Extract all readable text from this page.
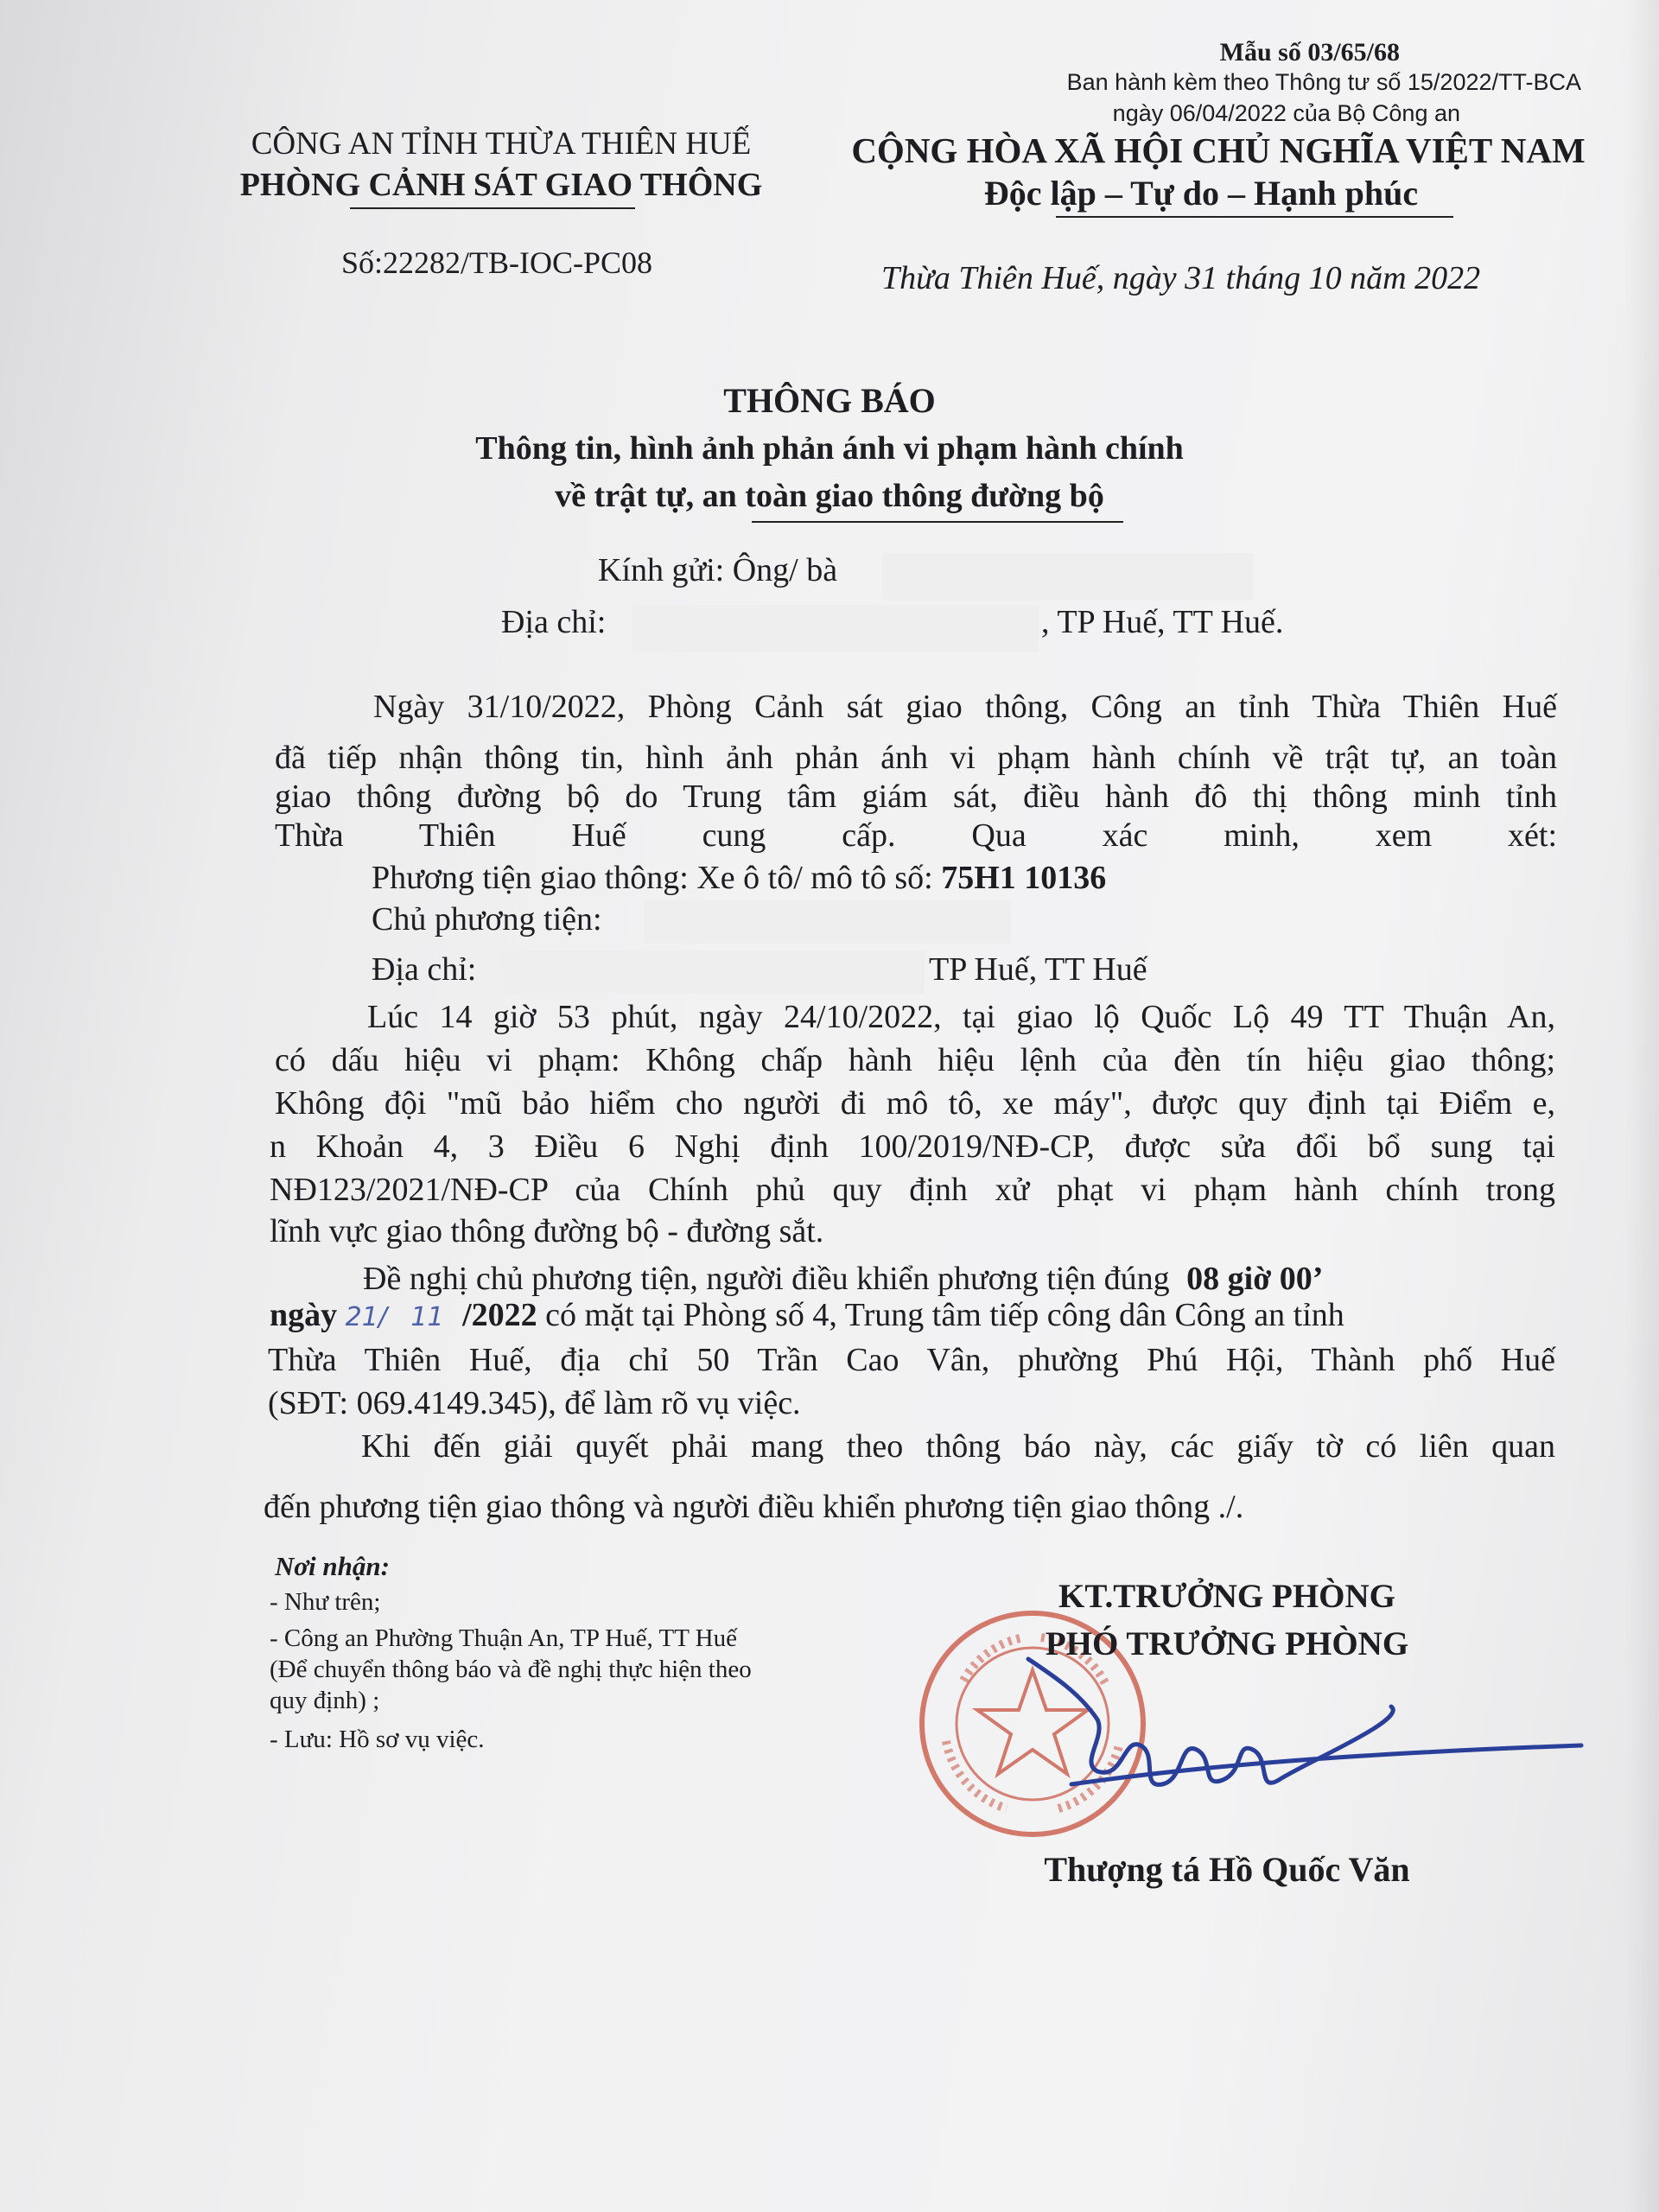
Mẫu số 03/65/68
Ban hành kèm theo Thông tư số 15/2022/TT-BCA
ngày 06/04/2022 của Bộ Công an
CÔNG AN TỈNH THỪA THIÊN HUẾ
PHÒNG CẢNH SÁT GIAO THÔNG
CỘNG HÒA XÃ HỘI CHỦ NGHĨA VIỆT NAM
Độc lập – Tự do – Hạnh phúc
Số:22282/TB-IOC-PC08	Thừa Thiên Huế, ngày 31 tháng 10 năm 2022
THÔNG BÁO
Thông tin, hình ảnh phản ánh vi phạm hành chính
về trật tự, an toàn giao thông đường bộ
Kính gửi: Ông/ bà
Địa chỉ:	, TP Huế, TT Huế.
Ngày 31/10/2022, Phòng Cảnh sát giao thông, Công an tỉnh Thừa Thiên Huế
đã tiếp nhận thông tin, hình ảnh phản ánh vi phạm hành chính về trật tự, an toàn
giao thông đường bộ do Trung tâm giám sát, điều hành đô thị thông minh tỉnh
Thừa Thiên Huế cung cấp. Qua xác minh, xem xét:
Phương tiện giao thông: Xe ô tô/ mô tô số: 75H1 10136
Chủ phương tiện:
Địa chỉ:	TP Huế, TT Huế
Lúc 14 giờ 53 phút, ngày 24/10/2022, tại giao lộ Quốc Lộ 49 TT Thuận An,
có dấu hiệu vi phạm: Không chấp hành hiệu lệnh của đèn tín hiệu giao thông;
Không đội "mũ bảo hiểm cho người đi mô tô, xe máy", được quy định tại Điểm e,
n Khoản 4, 3 Điều 6 Nghị định 100/2019/NĐ-CP, được sửa đổi bổ sung tại
NĐ123/2021/NĐ-CP của Chính phủ quy định xử phạt vi phạm hành chính trong
lĩnh vực giao thông đường bộ - đường sắt.
Đề nghị chủ phương tiện, người điều khiển phương tiện đúng 08 giờ 00’
ngày 21/ 11 /2022 có mặt tại Phòng số 4, Trung tâm tiếp công dân Công an tỉnh
Thừa Thiên Huế, địa chỉ 50 Trần Cao Vân, phường Phú Hội, Thành phố Huế
(SĐT: 069.4149.345), để làm rõ vụ việc.
Khi đến giải quyết phải mang theo thông báo này, các giấy tờ có liên quan
đến phương tiện giao thông và người điều khiển phương tiện giao thông ./.
Nơi nhận:
- Như trên;
- Công an Phường Thuận An, TP Huế, TT Huế
(Để chuyển thông báo và đề nghị thực hiện theo
quy định) ;
- Lưu: Hồ sơ vụ việc.
KT.TRƯỞNG PHÒNG
PHÓ TRƯỞNG PHÒNG
Thượng tá Hồ Quốc Văn
